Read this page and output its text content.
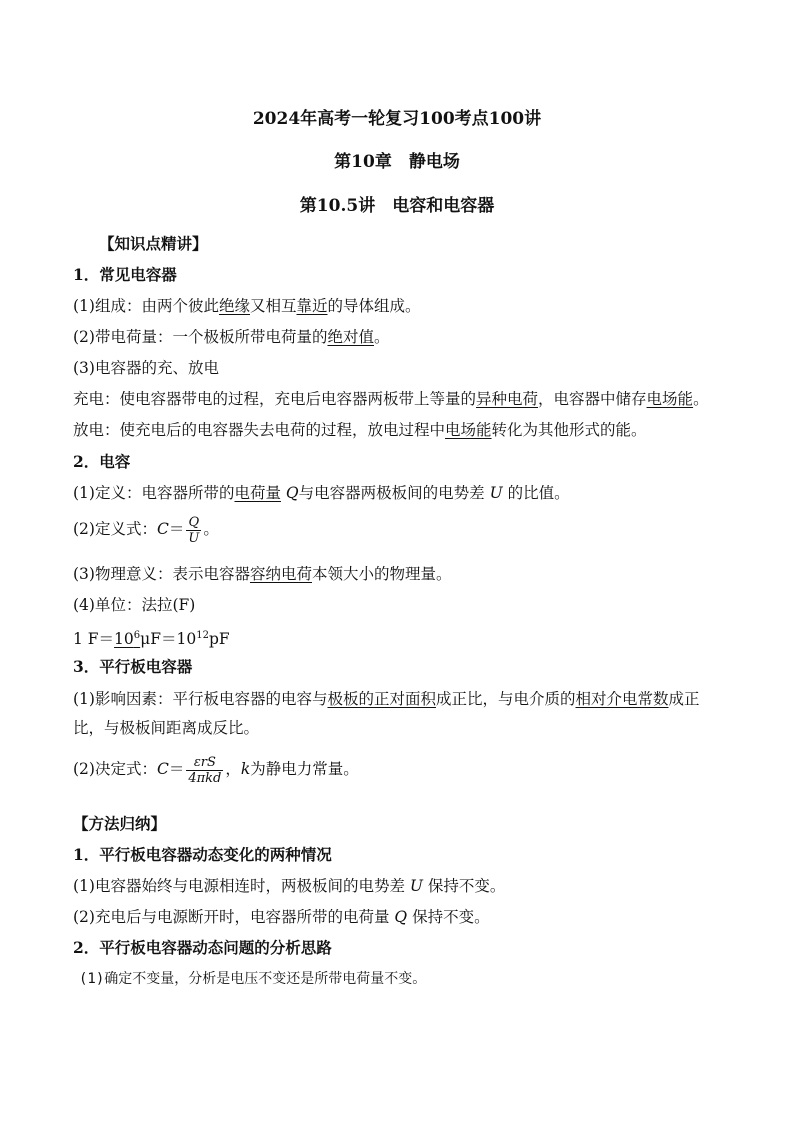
2024年高考一轮复习100考点100讲
第10章　静电场
第10.5讲　电容和电容器
【知识点精讲】
1．常见电容器
(1)组成：由两个彼此绝缘又相互靠近的导体组成。
(2)带电荷量：一个极板所带电荷量的绝对值。
(3)电容器的充、放电
充电：使电容器带电的过程，充电后电容器两板带上等量的异种电荷，电容器中储存电场能。
放电：使充电后的电容器失去电荷的过程，放电过程中电场能转化为其他形式的能。
2．电容
(1)定义：电容器所带的电荷量 Q与电容器两极板间的电势差 U 的比值。
(2)定义式：$C= \frac{Q}{U}$ 。
(3)物理意义：表示电容器容纳电荷本领大小的物理量。
(4)单位：法拉(F)
1 $F=10^6\mu F=10^{12}pF$
3．平行板电容器
(1)影响因素：平行板电容器的电容与极板的正对面积成正比，与电介质的相对介电常数成正
比，与极板间距离成反比。
(2)决定式：$C= \frac{\text{εrS}}{\text{4πkd}}$ ，k为静电力常量。
【方法归纳】
1．平行板电容器动态变化的两种情况
(1)电容器始终与电源相连时，两极板间的电势差 U 保持不变。
(2)充电后与电源断开时，电容器所带的电荷量 Q 保持不变。
2．平行板电容器动态问题的分析思路
(1)确定不变量，分析是电压不变还是所带电荷量不变。
